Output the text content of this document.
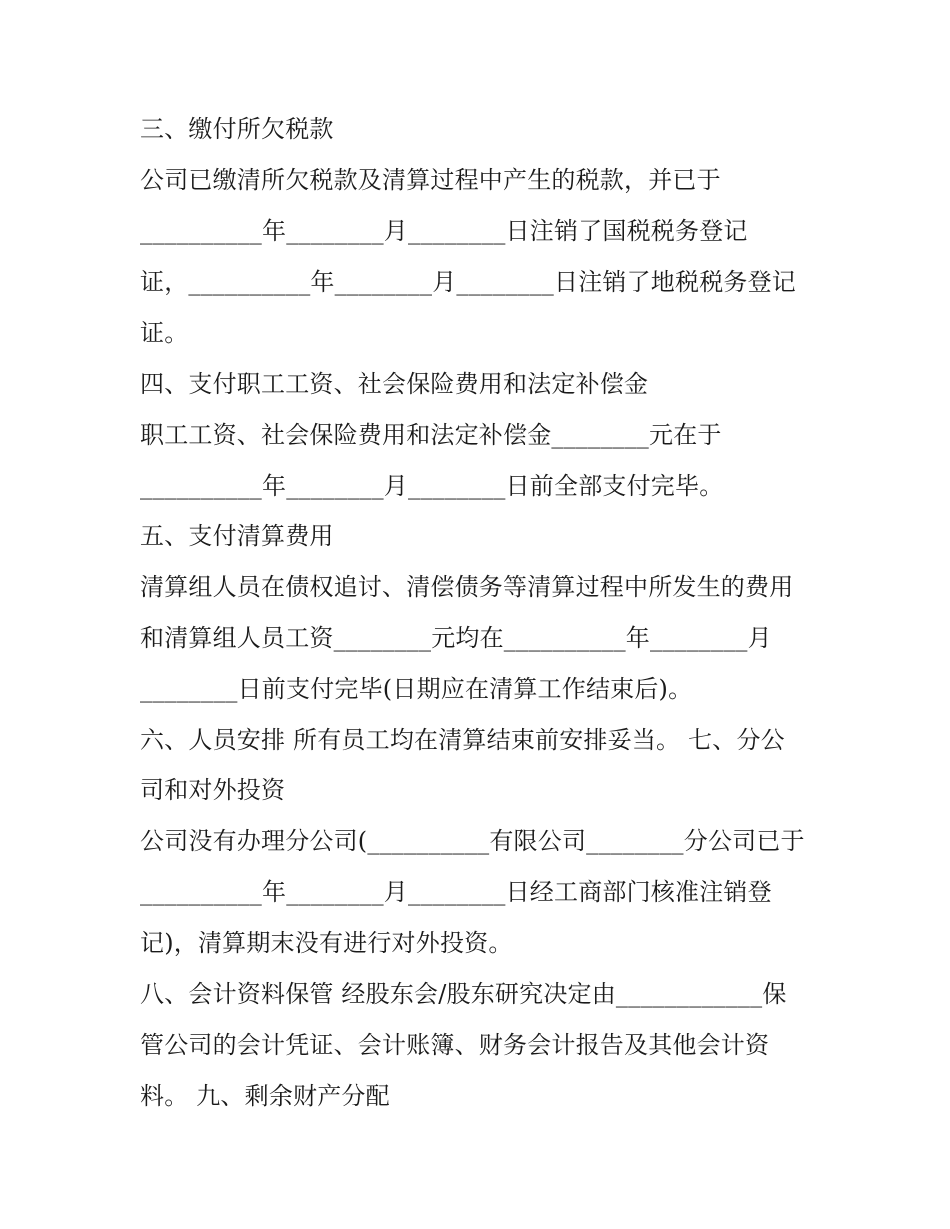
三、缴付所欠税款

公司已缴清所欠税款及清算过程中产生的税款，并已于

__________年________月________日注销了国税税务登记

证，__________年________月________日注销了地税税务登记

证。

四、支付职工工资、社会保险费用和法定补偿金

职工工资、社会保险费用和法定补偿金________元在于

__________年________月________日前全部支付完毕。

五、支付清算费用

清算组人员在债权追讨、清偿债务等清算过程中所发生的费用

和清算组人员工资________元均在__________年________月

________日前支付完毕(日期应在清算工作结束后)。

六、人员安排 所有员工均在清算结束前安排妥当。 七、分公

司和对外投资

公司没有办理分公司(__________有限公司________分公司已于

__________年________月________日经工商部门核准注销登

记)，清算期末没有进行对外投资。

八、会计资料保管 经股东会/股东研究决定由____________保

管公司的会计凭证、会计账簿、财务会计报告及其他会计资

料。 九、剩余财产分配
